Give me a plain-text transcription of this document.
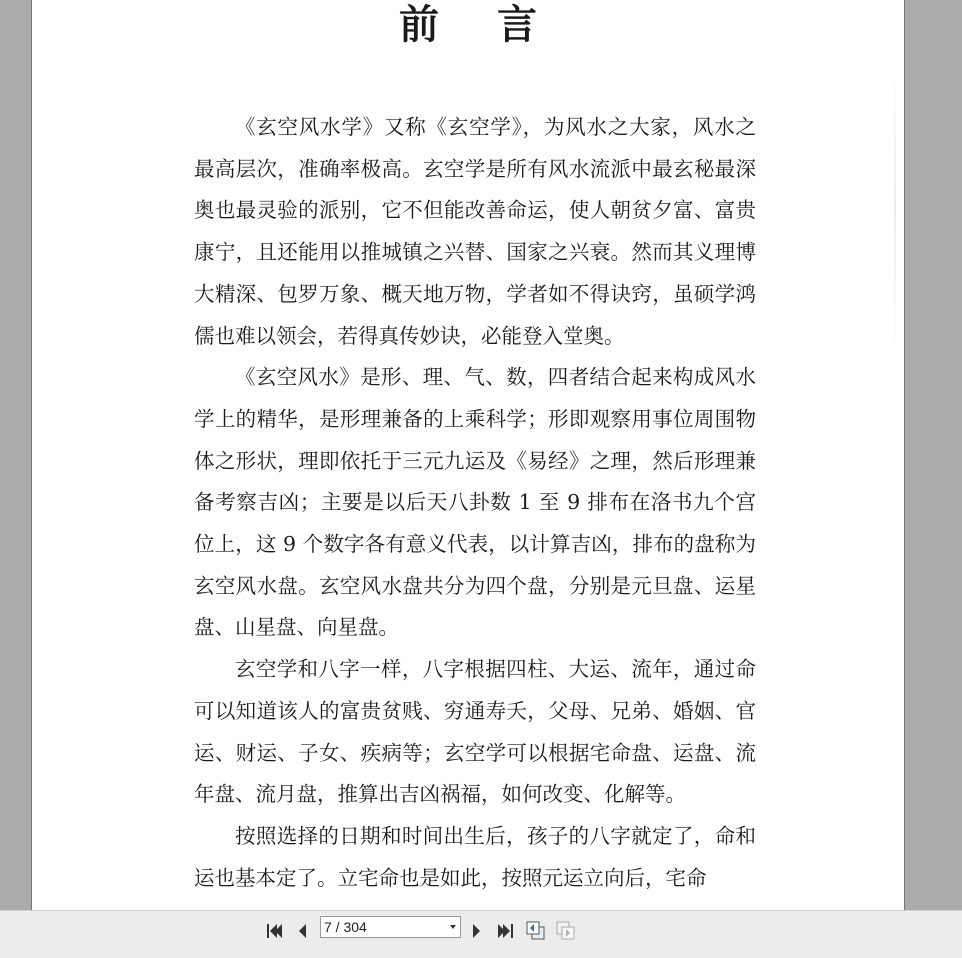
前 言

《玄空风水学》又称《玄空学》，为风水之大家，风水之最高层次，准确率极高。玄空学是所有风水流派中最玄秘最深奥也最灵验的派别，它不但能改善命运，使人朝贫夕富、富贵康宁，且还能用以推城镇之兴替、国家之兴衰。然而其义理博大精深、包罗万象、概天地万物，学者如不得诀窍，虽硕学鸿儒也难以领会，若得真传妙诀，必能登入堂奥。

《玄空风水》是形、理、气、数，四者结合起来构成风水学上的精华，是形理兼备的上乘科学；形即观察用事位周围物体之形状，理即依托于三元九运及《易经》之理，然后形理兼备考察吉凶；主要是以后天八卦数 1 至 9 排布在洛书九个宫位上，这 9 个数字各有意义代表，以计算吉凶，排布的盘称为玄空风水盘。玄空风水盘共分为四个盘，分别是元旦盘、运星盘、山星盘、向星盘。

玄空学和八字一样，八字根据四柱、大运、流年，通过命可以知道该人的富贵贫贱、穷通寿夭，父母、兄弟、婚姻、官运、财运、子女、疾病等；玄空学可以根据宅命盘、运盘、流年盘、流月盘，推算出吉凶祸福，如何改变、化解等。

按照选择的日期和时间出生后，孩子的八字就定了，命和运也基本定了。立宅命也是如此，按照元运立向后，宅命

7 / 304
